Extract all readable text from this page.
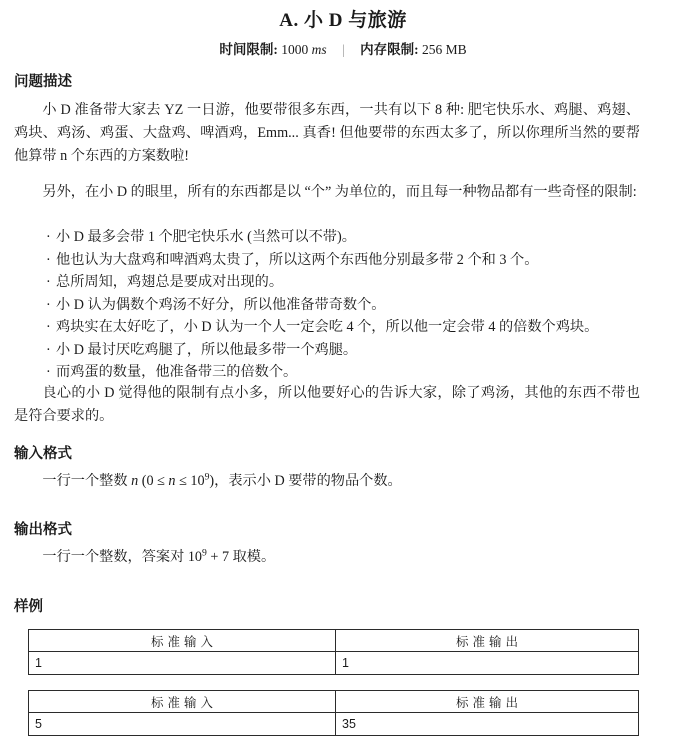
A. 小 D 与旅游
时间限制: 1000 ms | 内存限制: 256 MB
问题描述

小 D 准备带大家去 YZ 一日游，他要带很多东西，一共有以下 8 种: 肥宅快乐水、鸡腿、鸡翅、鸡块、鸡汤、鸡蛋、大盘鸡、啤酒鸡，Emm... 真香! 但他要带的东西太多了，所以你理所当然的要帮他算带 n 个东西的方案数啦!

另外，在小 D 的眼里，所有的东西都是以 “个” 为单位的，而且每一种物品都有一些奇怪的限制:

· 小 D 最多会带 1 个肥宅快乐水 (当然可以不带)。
· 他也认为大盘鸡和啤酒鸡太贵了，所以这两个东西他分别最多带 2 个和 3 个。
· 总所周知，鸡翅总是要成对出现的。
· 小 D 认为偶数个鸡汤不好分，所以他准备带奇数个。
· 鸡块实在太好吃了，小 D 认为一个人一定会吃 4 个，所以他一定会带 4 的倍数个鸡块。
· 小 D 最讨厌吃鸡腿了，所以他最多带一个鸡腿。
· 而鸡蛋的数量，他准备带三的倍数个。

良心的小 D 觉得他的限制有点小多，所以他要好心的告诉大家，除了鸡汤，其他的东西不带也是符合要求的。

输入格式

一行一个整数 n $(0 \le n \le 10^9)$，表示小 D 要带的物品个数。

输出格式

一行一个整数，答案对 $10^9 + 7$ 取模。

样例
标准输入	标准输出
1	1
标准输入	标准输出
5	35
